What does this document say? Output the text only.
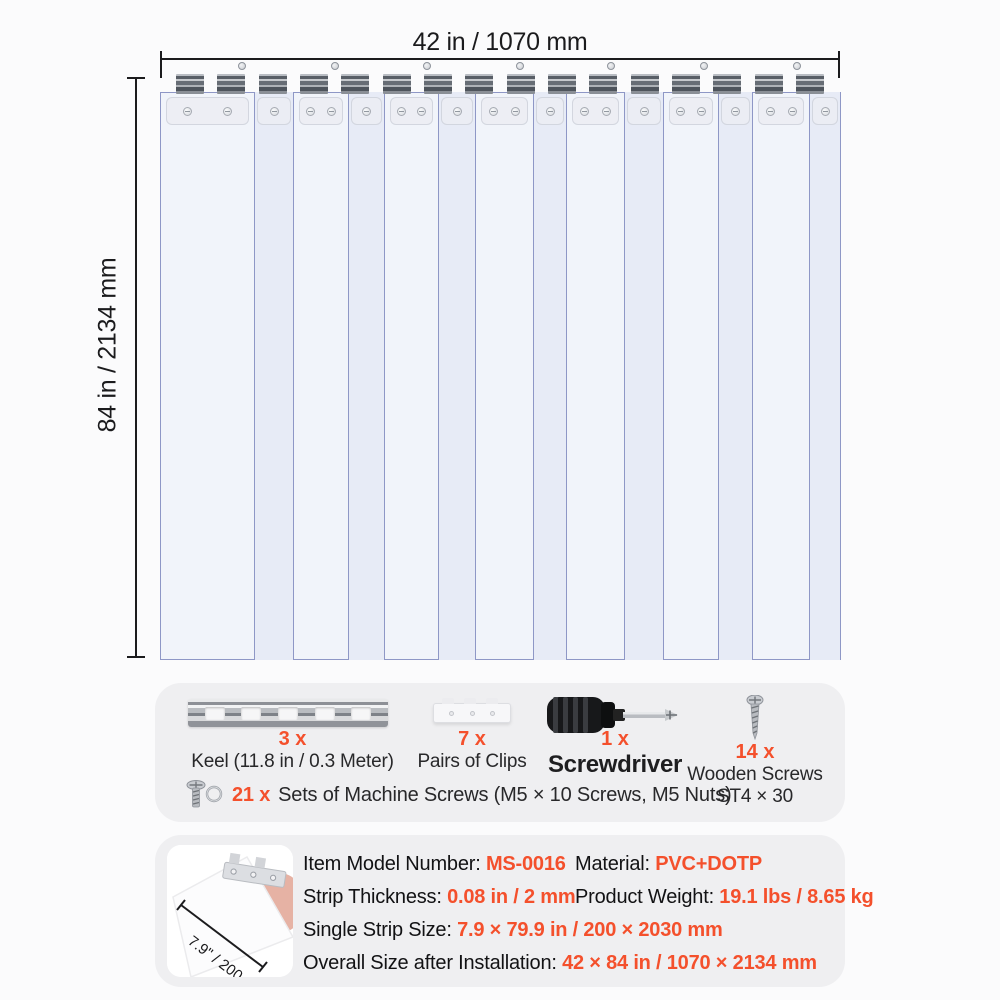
42 in / 1070 mm
84 in / 2134 mm
3 x
Keel (11.8 in / 0.3 Meter)
7 x
Pairs of Clips
1 x
Screwdriver	14 x
Wooden Screws
ST4 × 30
21 x Sets of Machine Screws (M5 × 10 Screws, M5 Nuts)
Item Model Number: MS-0016 Material: PVC+DOTP
Strip Thickness: 0.08 in / 2 mm Product Weight: 19.1 lbs / 8.65 kg
Single Strip Size: 7.9 × 79.9 in / 200 × 2030 mm
Overall Size after Installation: 42 × 84 in / 1070 × 2134 mm
